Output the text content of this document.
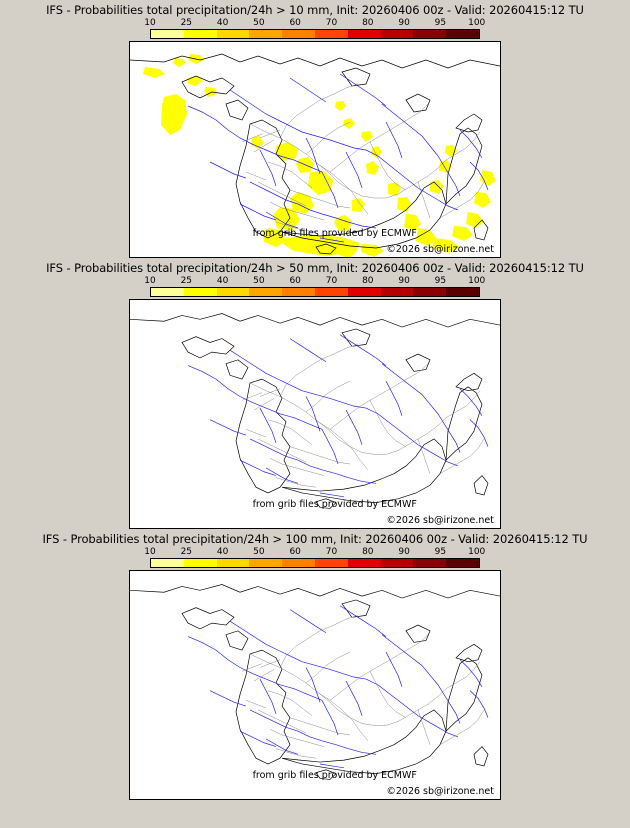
IFS - Probabilities total precipitation/24h > 10 mm, Init: 20260406 00z - Valid: 20260415:12 TU
10	25	40	50	60	70	80	90	95 100
from grib files provided by ECMWF
©2026 sb@irizone.net
IFS - Probabilities total precipitation/24h > 50 mm, Init: 20260406 00z - Valid: 20260415:12 TU
10	25	40	50	60	70	80	90	95 100
from grib files provided by ECMWF
©2026 sb@irizone.net
IFS - Probabilities total precipitation/24h > 100 mm, Init: 20260406 00z - Valid: 20260415:12 TU
10	25	40	50	60	70	80	90	95 100
from grib files provided by ECMWF
©2026 sb@irizone.net
